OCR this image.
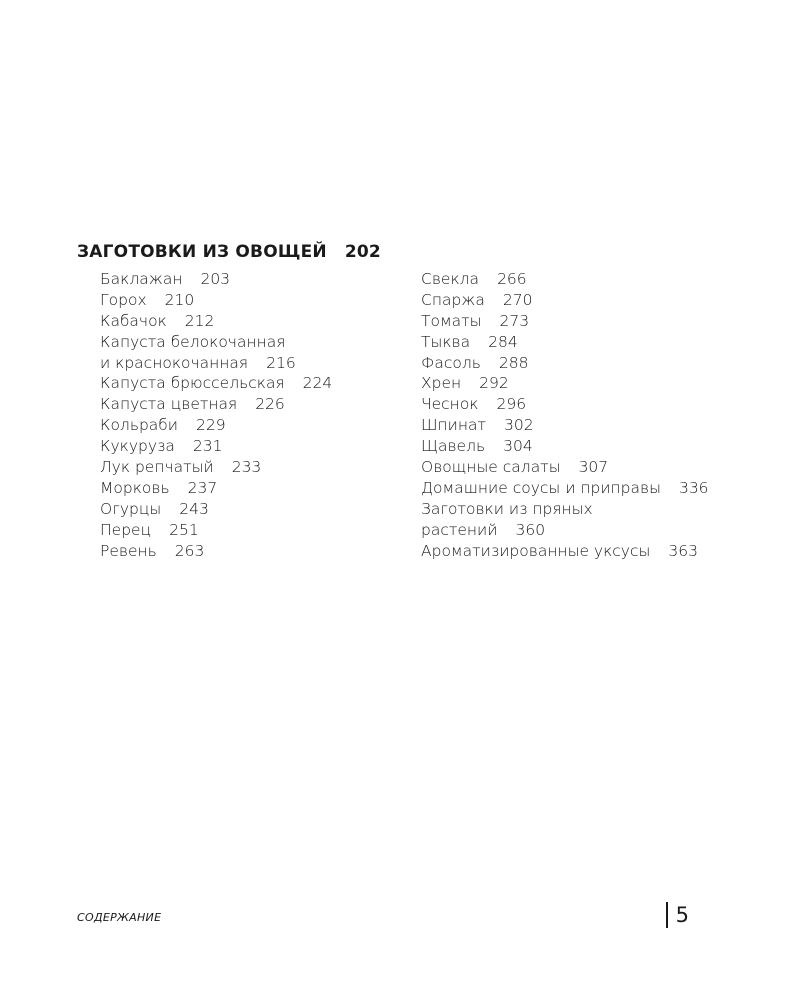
ЗАГОТОВКИ ИЗ ОВОЩЕЙ 202
Баклажан 203
Горох 210
Кабачок 212
Капуста белокочанная
и краснокочанная 216
Капуста брюссельская 224
Капуста цветная 226
Кольраби 229
Кукуруза 231
Лук репчатый 233
Морковь 237
Огурцы 243
Перец 251
Ревень 263
Свекла 266
Спаржа 270
Томаты 273
Тыква 284
Фасоль 288
Хрен 292
Чеснок 296
Шпинат 302
Щавель 304
Овощные салаты 307
Домашние соусы и приправы 336
Заготовки из пряных
растений 360
Ароматизированные уксусы 363
СОДЕРЖАНИЕ	5
